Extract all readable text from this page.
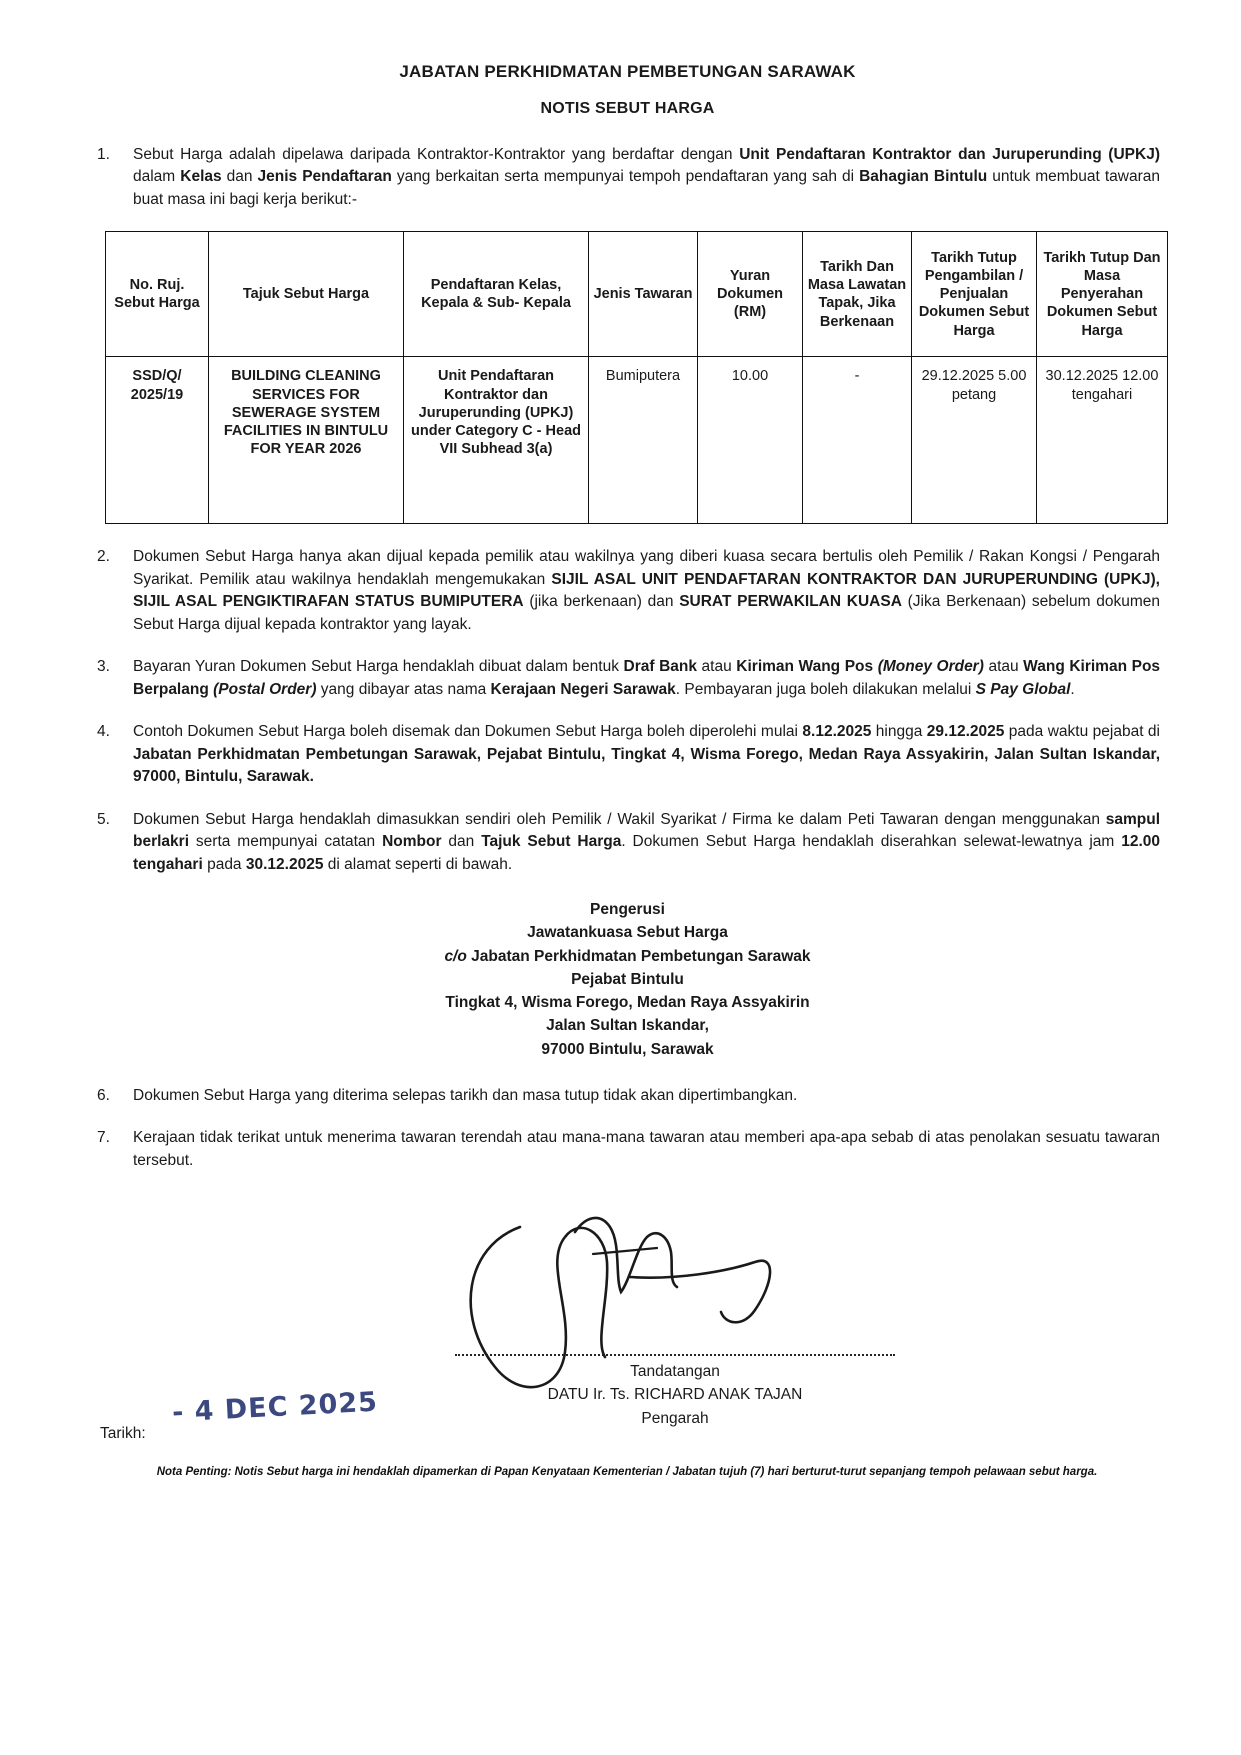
JABATAN PERKHIDMATAN PEMBETUNGAN SARAWAK
NOTIS SEBUT HARGA
1.	Sebut Harga adalah dipelawa daripada Kontraktor-Kontraktor yang berdaftar dengan Unit Pendaftaran Kontraktor dan Juruperunding (UPKJ) dalam Kelas dan Jenis Pendaftaran yang berkaitan serta mempunyai tempoh pendaftaran yang sah di Bahagian Bintulu untuk membuat tawaran buat masa ini bagi kerja berikut:-
No. Ruj. Sebut Harga	Tajuk Sebut Harga	Pendaftaran Kelas, Kepala & Sub- Kepala	Jenis Tawaran	Yuran Dokumen (RM)	Tarikh Dan Masa Lawatan Tapak, Jika Berkenaan	Tarikh Tutup Pengambilan / Penjualan Dokumen Sebut Harga	Tarikh Tutup Dan Masa Penyerahan Dokumen Sebut Harga
SSD/Q/ 2025/19	BUILDING CLEANING SERVICES FOR SEWERAGE SYSTEM FACILITIES IN BINTULU FOR YEAR 2026	Unit Pendaftaran Kontraktor dan Juruperunding (UPKJ) under Category C - Head VII Subhead 3(a)	Bumiputera	10.00	-	29.12.2025 5.00 petang	30.12.2025 12.00 tengahari
2.	Dokumen Sebut Harga hanya akan dijual kepada pemilik atau wakilnya yang diberi kuasa secara bertulis oleh Pemilik / Rakan Kongsi / Pengarah Syarikat. Pemilik atau wakilnya hendaklah mengemukakan SIJIL ASAL UNIT PENDAFTARAN KONTRAKTOR DAN JURUPERUNDING (UPKJ), SIJIL ASAL PENGIKTIRAFAN STATUS BUMIPUTERA (jika berkenaan) dan SURAT PERWAKILAN KUASA (Jika Berkenaan) sebelum dokumen Sebut Harga dijual kepada kontraktor yang layak.
3.	Bayaran Yuran Dokumen Sebut Harga hendaklah dibuat dalam bentuk Draf Bank atau Kiriman Wang Pos (Money Order) atau Wang Kiriman Pos Berpalang (Postal Order) yang dibayar atas nama Kerajaan Negeri Sarawak. Pembayaran juga boleh dilakukan melalui S Pay Global.
4.	Contoh Dokumen Sebut Harga boleh disemak dan Dokumen Sebut Harga boleh diperolehi mulai 8.12.2025 hingga 29.12.2025 pada waktu pejabat di Jabatan Perkhidmatan Pembetungan Sarawak, Pejabat Bintulu, Tingkat 4, Wisma Forego, Medan Raya Assyakirin, Jalan Sultan Iskandar, 97000, Bintulu, Sarawak.
5.	Dokumen Sebut Harga hendaklah dimasukkan sendiri oleh Pemilik / Wakil Syarikat / Firma ke dalam Peti Tawaran dengan menggunakan sampul berlakri serta mempunyai catatan Nombor dan Tajuk Sebut Harga. Dokumen Sebut Harga hendaklah diserahkan selewat-lewatnya jam 12.00 tengahari pada 30.12.2025 di alamat seperti di bawah.
Pengerusi
Jawatankuasa Sebut Harga
c/o Jabatan Perkhidmatan Pembetungan Sarawak
Pejabat Bintulu
Tingkat 4, Wisma Forego, Medan Raya Assyakirin
Jalan Sultan Iskandar,
97000 Bintulu, Sarawak
6.	Dokumen Sebut Harga yang diterima selepas tarikh dan masa tutup tidak akan dipertimbangkan.
7.	Kerajaan tidak terikat untuk menerima tawaran terendah atau mana-mana tawaran atau memberi apa-apa sebab di atas penolakan sesuatu tawaran tersebut.
Tandatangan
DATU Ir. Ts. RICHARD ANAK TAJAN
Pengarah
- 4 DEC 2025
Tarikh:
Nota Penting: Notis Sebut harga ini hendaklah dipamerkan di Papan Kenyataan Kementerian / Jabatan tujuh (7) hari berturut-turut sepanjang tempoh pelawaan sebut harga.
